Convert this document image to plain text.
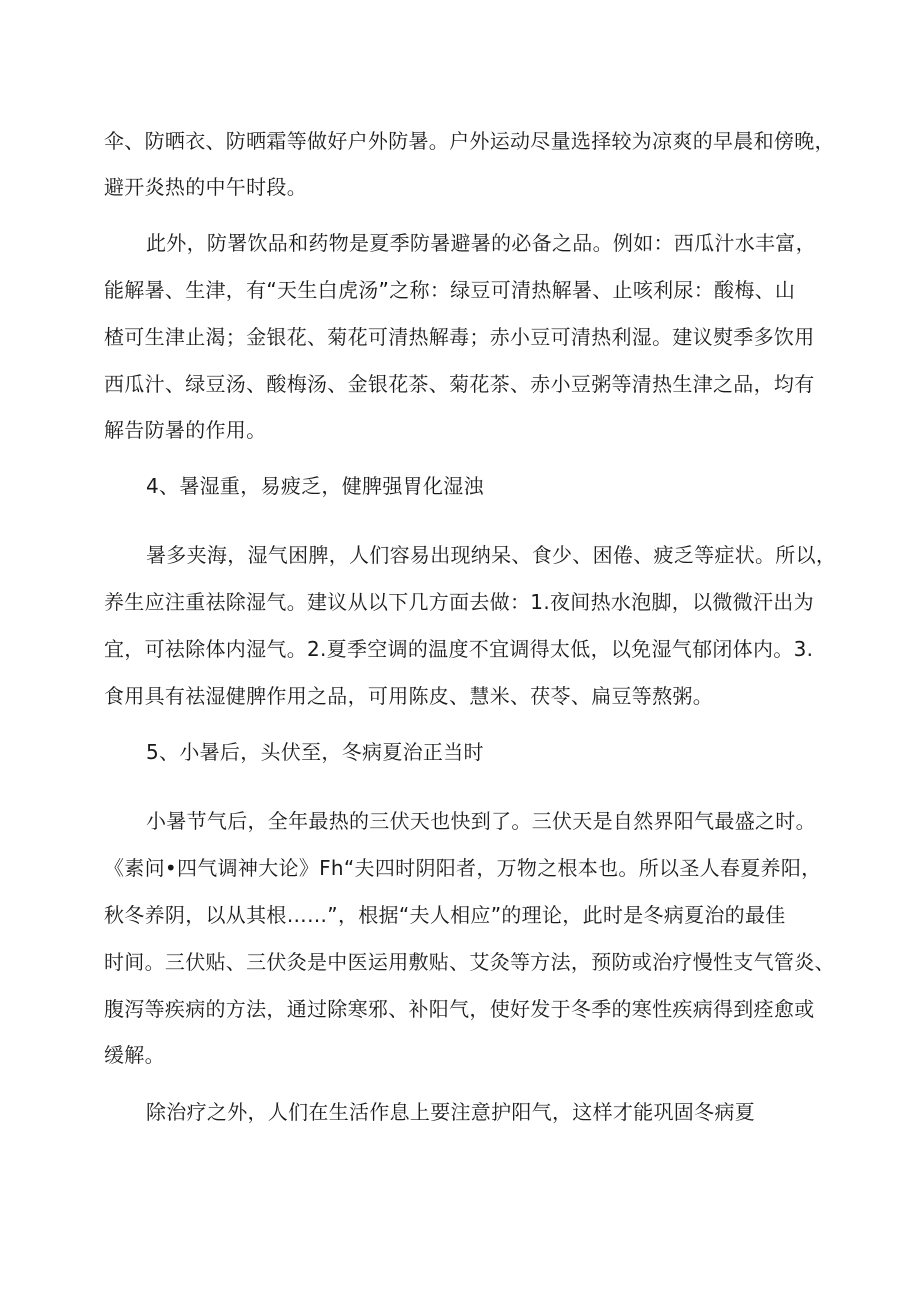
伞、防晒衣、防晒霜等做好户外防暑。户外运动尽量选择较为凉爽的早晨和傍晚，
避开炎热的中午时段。
此外，防署饮品和药物是夏季防暑避暑的必备之品。例如：西瓜汁水丰富，
能解暑、生津，有“天生白虎汤”之称：绿豆可清热解暑、止咳利尿：酸梅、山
楂可生津止渴；金银花、菊花可清热解毒；赤小豆可清热利湿。建议熨季多饮用
西瓜汁、绿豆汤、酸梅汤、金银花茶、菊花茶、赤小豆粥等清热生津之品，均有
解告防暑的作用。
4、暑湿重，易疲乏，健脾强胃化湿浊
暑多夹海，湿气困脾，人们容易出现纳呆、食少、困倦、疲乏等症状。所以，
养生应注重祛除湿气。建议从以下几方面去做：1.夜间热水泡脚，以微微汗出为
宜，可祛除体内湿气。2.夏季空调的温度不宜调得太低，以免湿气郁闭体内。3.
食用具有祛湿健脾作用之品，可用陈皮、慧米、茯苓、扁豆等熬粥。
5、小暑后，头伏至，冬病夏治正当时
小暑节气后，全年最热的三伏天也快到了。三伏天是自然界阳气最盛之时。
《素问•四气调神大论》Fh“夫四时阴阳者，万物之根本也。所以圣人春夏养阳，
秋冬养阴，以从其根……”，根据“夫人相应”的理论，此时是冬病夏治的最佳
时间。三伏贴、三伏灸是中医运用敷贴、艾灸等方法，预防或治疗慢性支气管炎、
腹泻等疾病的方法，通过除寒邪、补阳气，使好发于冬季的寒性疾病得到痊愈或
缓解。
除治疗之外，人们在生活作息上要注意护阳气，这样才能巩固冬病夏
